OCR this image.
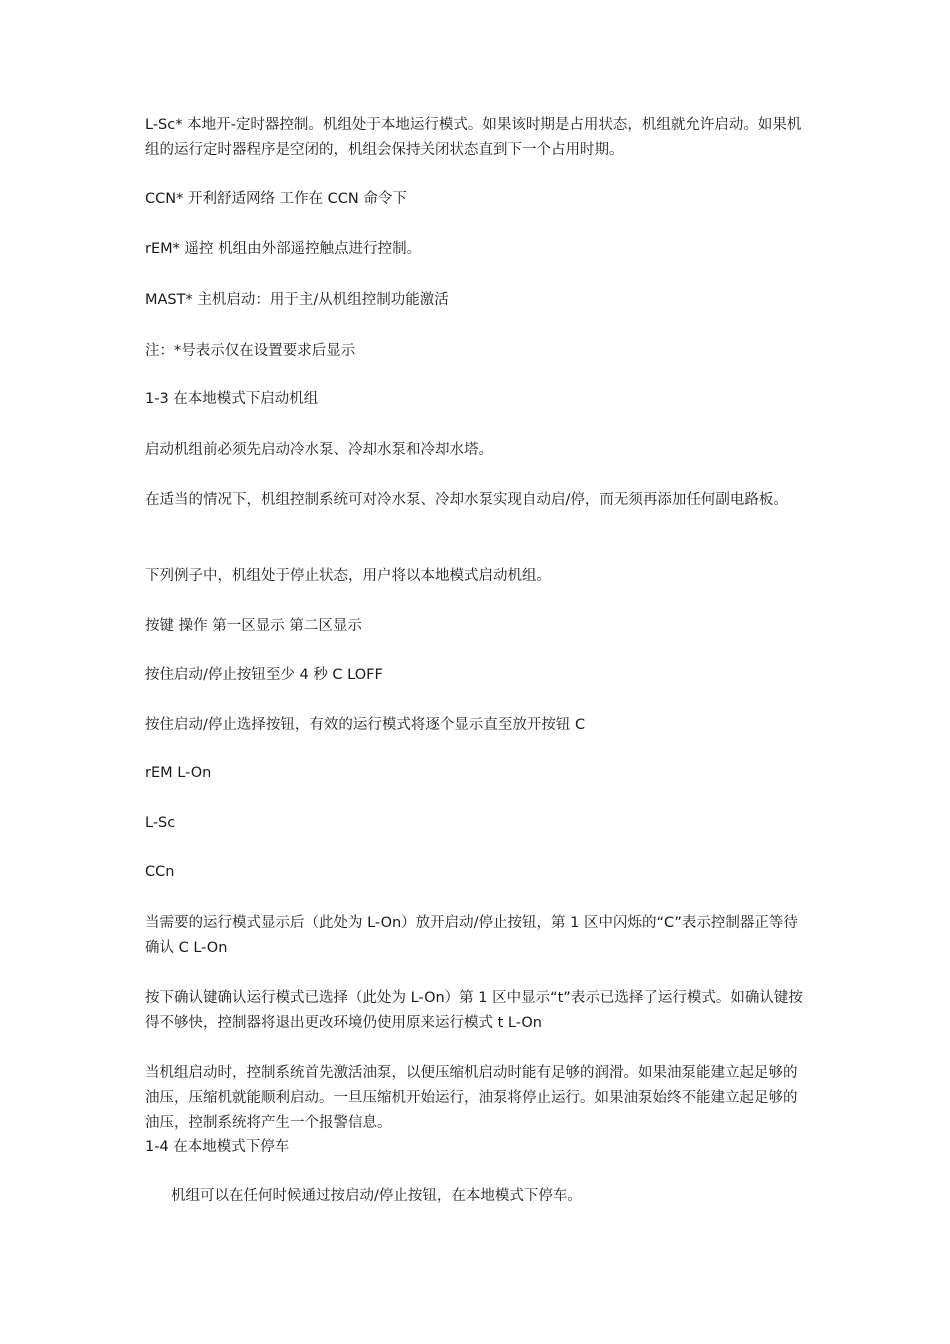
L-Sc* 本地开-定时器控制。机组处于本地运行模式。如果该时期是占用状态，机组就允许启动。如果机组的运行定时器程序是空闭的，机组会保持关闭状态直到下一个占用时期。

CCN* 开利舒适网络 工作在 CCN 命令下

rEM* 遥控 机组由外部遥控触点进行控制。

MAST* 主机启动：用于主/从机组控制功能激活

注：*号表示仅在设置要求后显示

1-3 在本地模式下启动机组

启动机组前必须先启动冷水泵、冷却水泵和冷却水塔。

在适当的情况下，机组控制系统可对冷水泵、冷却水泵实现自动启/停，而无须再添加任何副电路板。

下列例子中，机组处于停止状态，用户将以本地模式启动机组。

按键 操作 第一区显示 第二区显示

按住启动/停止按钮至少 4 秒 C LOFF

按住启动/停止选择按钮，有效的运行模式将逐个显示直至放开按钮 C

rEM L-On

L-Sc

CCn

当需要的运行模式显示后（此处为 L-On）放开启动/停止按钮，第 1 区中闪烁的“C”表示控制器正等待确认 C L-On

按下确认键确认运行模式已选择（此处为 L-On）第 1 区中显示“t”表示已选择了运行模式。如确认键按得不够快，控制器将退出更改环境仍使用原来运行模式 t L-On

当机组启动时，控制系统首先激活油泵，以便压缩机启动时能有足够的润滑。如果油泵能建立起足够的油压，压缩机就能顺利启动。一旦压缩机开始运行，油泵将停止运行。如果油泵始终不能建立起足够的油压，控制系统将产生一个报警信息。

1-4 在本地模式下停车

机组可以在任何时候通过按启动/停止按钮，在本地模式下停车。
